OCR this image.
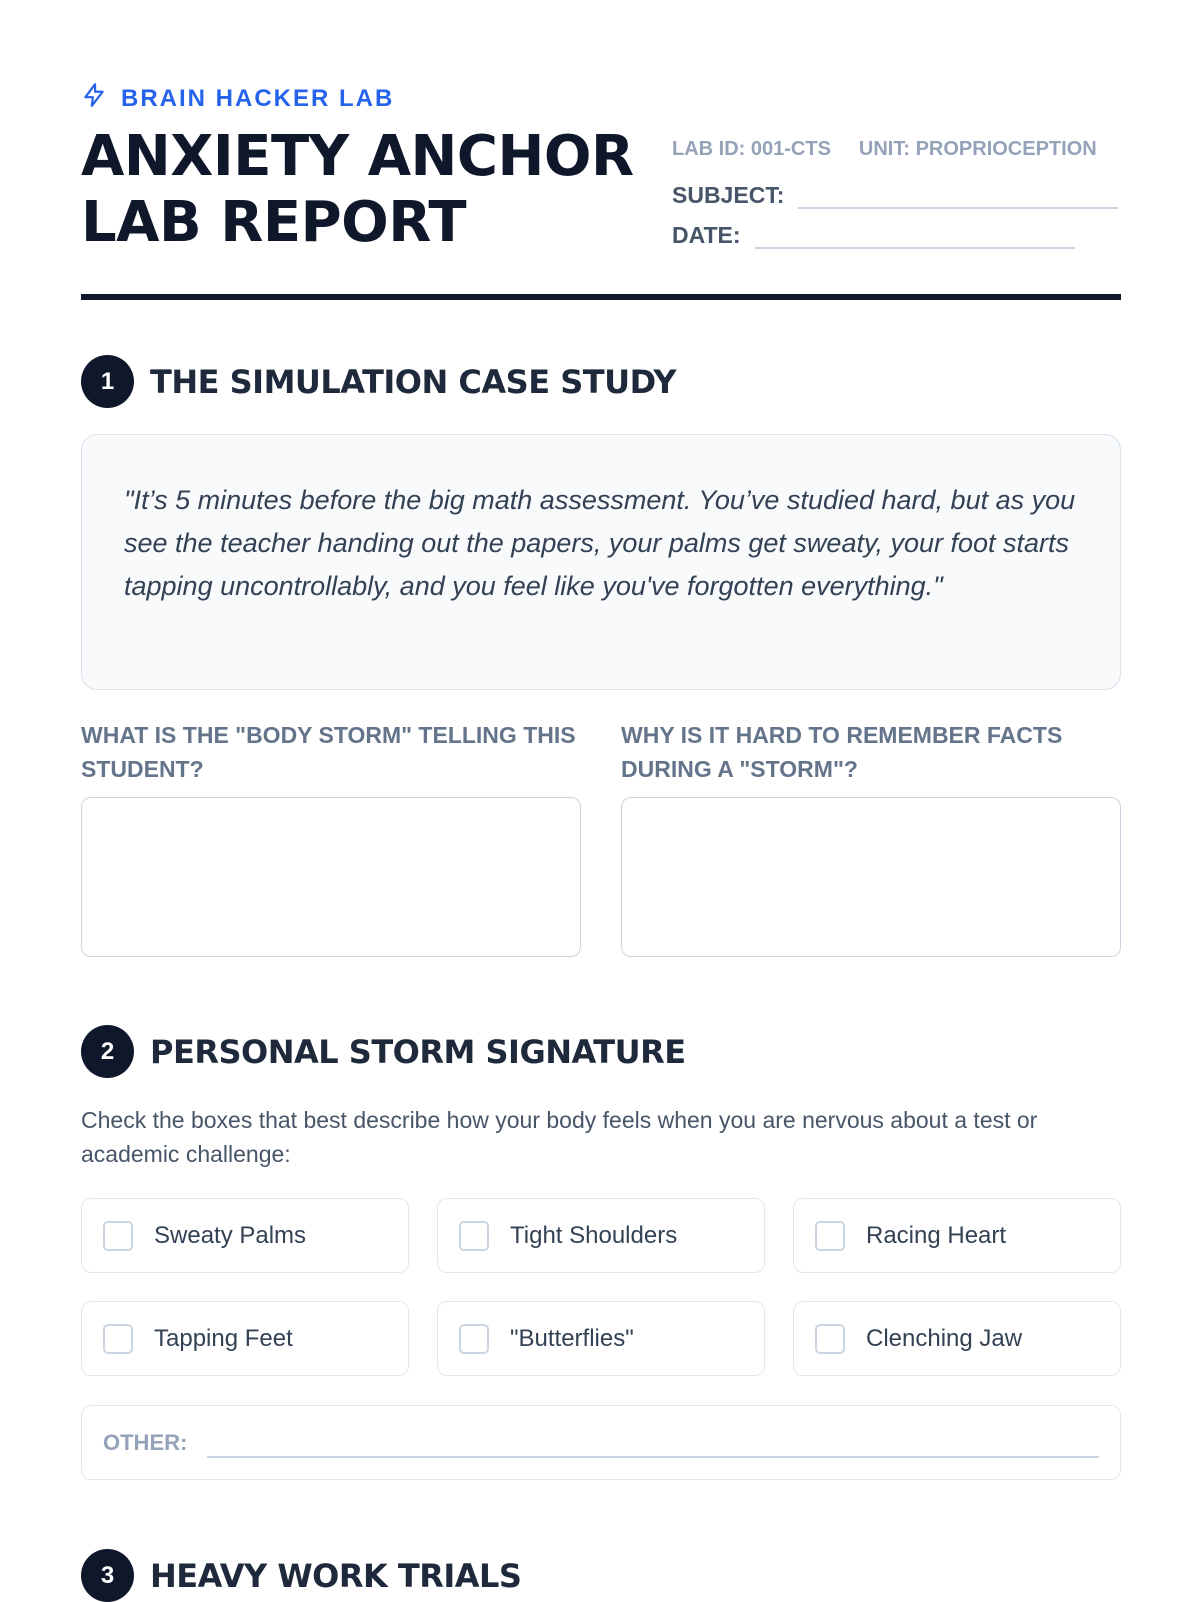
BRAIN HACKER LAB
ANXIETY ANCHOR
LAB REPORT
LAB ID: 001-CTS UNIT: PROPRIOCEPTION
SUBJECT:
DATE:
1	THE SIMULATION CASE STUDY
"It’s 5 minutes before the big math assessment. You’ve studied hard, but as you see the teacher handing out the papers, your palms get sweaty, your foot starts tapping uncontrollably, and you feel like you've forgotten everything."
WHAT IS THE "BODY STORM" TELLING THIS STUDENT?
WHY IS IT HARD TO REMEMBER FACTS DURING A "STORM"?
2	PERSONAL STORM SIGNATURE
Check the boxes that best describe how your body feels when you are nervous about a test or academic challenge:
Sweaty Palms	Tight Shoulders	Racing Heart
Tapping Feet	"Butterflies"	Clenching Jaw
OTHER:
3	HEAVY WORK TRIALS
